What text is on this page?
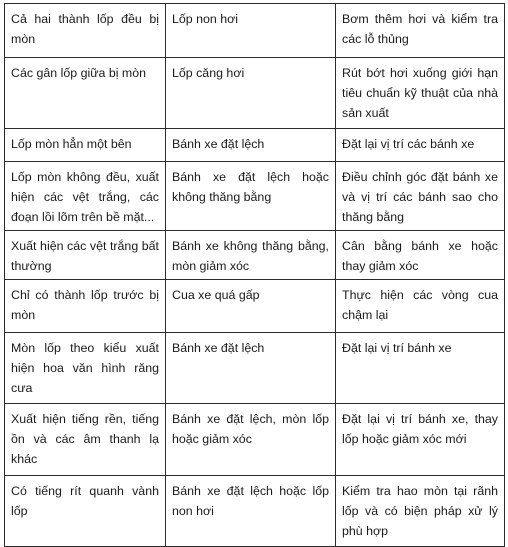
Cả hai thành lốp đều bị mòn	Lốp non hơi	Bơm thêm hơi và kiểm tra các lỗ thủng
Các gân lốp giữa bị mòn	Lốp căng hơi	Rút bớt hơi xuống giới hạn tiêu chuẩn kỹ thuật của nhà sản xuất
Lốp mòn hẳn một bên	Bánh xe đặt lệch	Đặt lại vị trí các bánh xe
Lốp mòn không đều, xuất hiện các vệt trắng, các đoạn lồi lõm trên bề mặt...	Bánh xe đặt lệch hoặc không thăng bằng	Điều chỉnh góc đặt bánh xe và vị trí các bánh sao cho thăng bằng
Xuất hiện các vệt trắng bất thường	Bánh xe không thăng bằng, mòn giảm xóc	Cân bằng bánh xe hoặc thay giảm xóc
Chỉ có thành lốp trước bị mòn	Cua xe quá gấp	Thực hiện các vòng cua chậm lại
Mòn lốp theo kiểu xuất hiện hoa văn hình răng cưa	Bánh xe đặt lệch	Đặt lại vị trí bánh xe
Xuất hiện tiếng rền, tiếng ồn và các âm thanh lạ khác	Bánh xe đặt lệch, mòn lốp hoặc giảm xóc	Đặt lại vị trí bánh xe, thay lốp hoặc giảm xóc mới
Có tiếng rít quanh vành lốp	Bánh xe đặt lệch hoặc lốp non hơi	Kiểm tra hao mòn tại rãnh lốp và có biện pháp xử lý phù hợp
